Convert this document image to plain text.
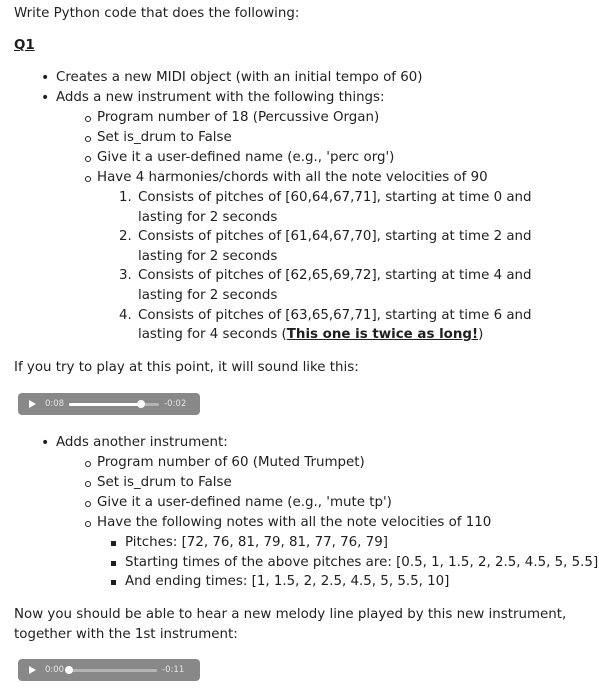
Write Python code that does the following:

Q1

• Creates a new MIDI object (with an initial tempo of 60)
• Adds a new instrument with the following things:
Program number of 18 (Percussive Organ)
Set is_drum to False
Give it a user-defined name (e.g., 'perc org')
Have 4 harmonies/chords with all the note velocities of 90
1. Consists of pitches of [60,64,67,71], starting at time 0 and lasting for 2 seconds
2. Consists of pitches of [61,64,67,70], starting at time 2 and lasting for 2 seconds
3. Consists of pitches of [62,65,69,72], starting at time 4 and lasting for 2 seconds
4. Consists of pitches of [63,65,67,71], starting at time 6 and lasting for 4 seconds (This one is twice as long!)

If you try to play at this point, it will sound like this:

0:08	-0:02
• Adds another instrument:
Program number of 60 (Muted Trumpet)
Set is_drum to False
Give it a user-defined name (e.g., 'mute tp')
Have the following notes with all the note velocities of 110
Pitches: [72, 76, 81, 79, 81, 77, 76, 79]
Starting times of the above pitches are: [0.5, 1, 1.5, 2, 2.5, 4.5, 5, 5.5]
And ending times: [1, 1.5, 2, 2.5, 4.5, 5, 5.5, 10]

Now you should be able to hear a new melody line played by this new instrument, together with the 1st instrument:

0:00	-0:11
